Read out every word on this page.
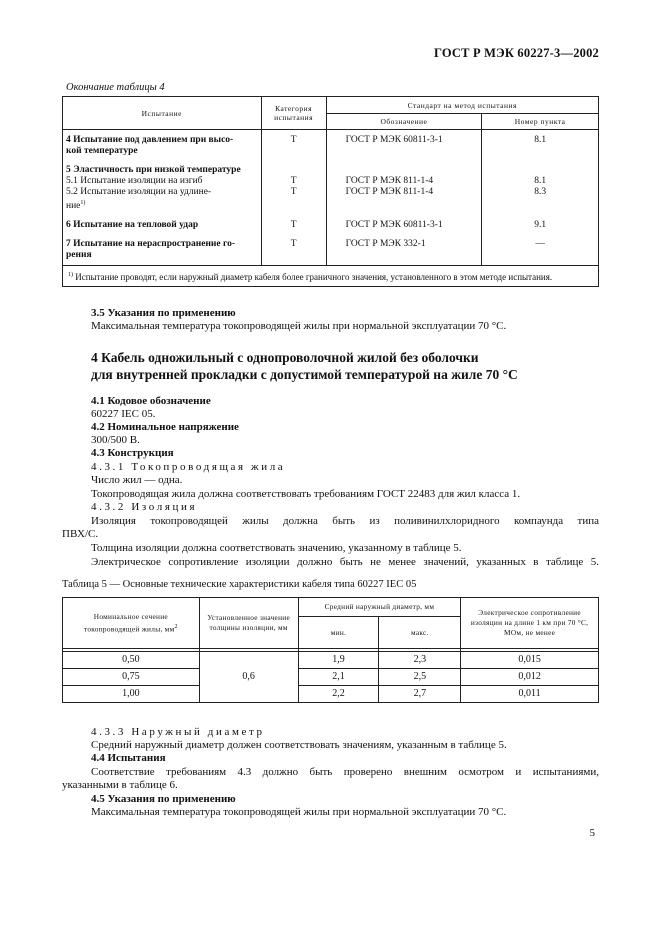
ГОСТ Р МЭК 60227-3—2002
Окончание таблицы 4
Испытание	Категория испытания	Стандарт на метод испытания	
		Обозначение	Номер пункта
4 Испытание под давлением при высо-
кой температуре	Т	ГОСТ Р МЭК 60811-3-1	8.1
5 Эластичность при низкой температуре			
5.1 Испытание изоляции на изгиб	Т	ГОСТ Р МЭК 811-1-4	8.1
5.2 Испытание изоляции на удлине-
ние$^{1)}$	Т	ГОСТ Р МЭК 811-1-4	8.3
6 Испытание на тепловой удар	Т	ГОСТ Р МЭК 60811-3-1	9.1
7 Испытание на нераспространение го-
рения	Т	ГОСТ Р МЭК 332-1	—
$^{1)}$ Испытание проводят, если наружный диаметр кабеля более граничного значения, установленного в этом методе испытания.			
3.5 Указания по применению
Максимальная температура токопроводящей жилы при нормальной эксплуатации 70 °С.
4 Кабель одножильный с однопроволочной жилой без оболочки
для внутренней прокладки с допустимой температурой на жиле 70 °С
4.1 Кодовое обозначение
60227 IEC 05.
4.2 Номинальное напряжение
300/500 В.
4.3 Конструкция
4.3.1 Токопроводящая жила
Число жил — одна.
Токопроводящая жила должна соответствовать требованиям ГОСТ 22483 для жил класса 1.
4.3.2 Изоляция
Изоляция токопроводящей жилы должна быть из поливинилхлоридного компаунда типа
ПВХ/С.
Толщина изоляции должна соответствовать значению, указанному в таблице 5.
Электрическое сопротивление изоляции должно быть не менее значений, указанных в таблице 5.
Таблица 5 — Основные технические характеристики кабеля типа 60227 IEC 05
Номинальное сечение токопроводящей жилы, $мм^2$	Установленное значение толщины изоляции, мм	Средний наружный диаметр, мм		Электрическое сопротивление изоляции на длине 1 км при 70 °С, МОм, не менее
		мин.	макс.	

0,50	0,6	1,9	2,3	0,015
0,75		2,1	2,5	0,012
1,00		2,2	2,7	0,011
4.3.3 Наружный диаметр
Средний наружный диаметр должен соответствовать значениям, указанным в таблице 5.
4.4 Испытания
Соответствие требованиям 4.3 должно быть проверено внешним осмотром и испытаниями,
указанными в таблице 6.
4.5 Указания по применению
Максимальная температура токопроводящей жилы при нормальной эксплуатации 70 °С.
5
